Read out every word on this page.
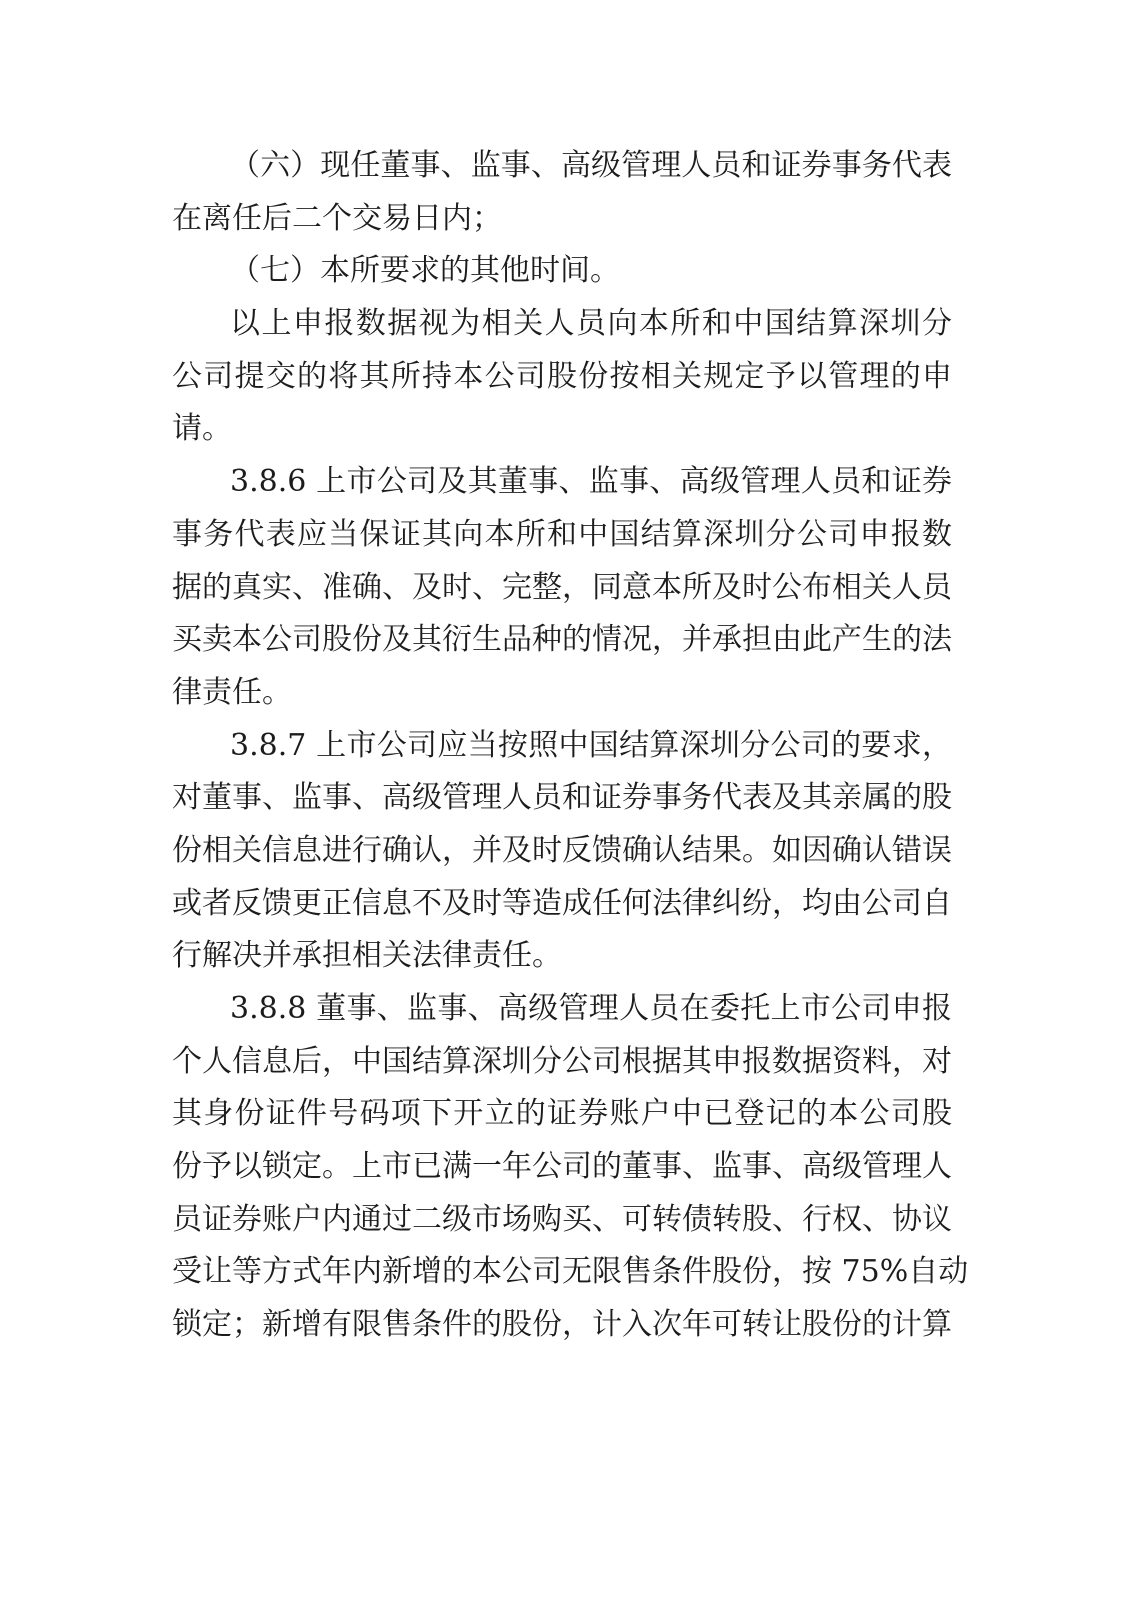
（六）现任董事、监事、高级管理人员和证券事务代表
在离任后二个交易日内；
（七）本所要求的其他时间。
以上申报数据视为相关人员向本所和中国结算深圳分
公司提交的将其所持本公司股份按相关规定予以管理的申
请。
3.8.6 上市公司及其董事、监事、高级管理人员和证券
事务代表应当保证其向本所和中国结算深圳分公司申报数
据的真实、准确、及时、完整，同意本所及时公布相关人员
买卖本公司股份及其衍生品种的情况，并承担由此产生的法
律责任。
3.8.7 上市公司应当按照中国结算深圳分公司的要求，
对董事、监事、高级管理人员和证券事务代表及其亲属的股
份相关信息进行确认，并及时反馈确认结果。如因确认错误
或者反馈更正信息不及时等造成任何法律纠纷，均由公司自
行解决并承担相关法律责任。
3.8.8 董事、监事、高级管理人员在委托上市公司申报
个人信息后，中国结算深圳分公司根据其申报数据资料，对
其身份证件号码项下开立的证券账户中已登记的本公司股
份予以锁定。上市已满一年公司的董事、监事、高级管理人
员证券账户内通过二级市场购买、可转债转股、行权、协议
受让等方式年内新增的本公司无限售条件股份，按 75%自动
锁定；新增有限售条件的股份，计入次年可转让股份的计算
